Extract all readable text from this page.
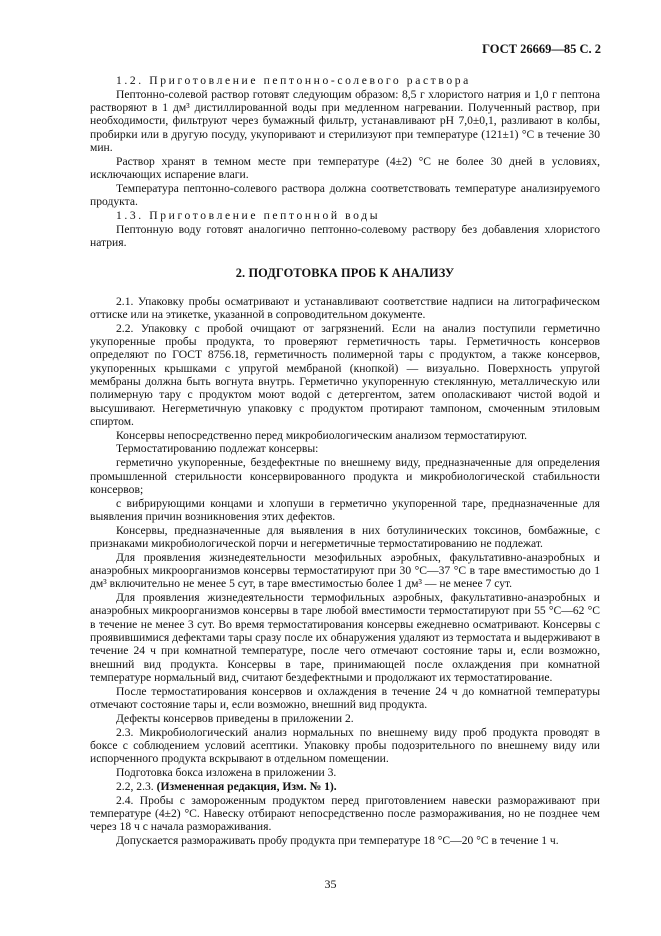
ГОСТ 26669—85 С. 2

1.2. Приготовление пептонно-солевого раствора

Пептонно-солевой раствор готовят следующим образом: 8,5 г хлористого натрия и 1,0 г пептона растворяют в 1 дм³ дистиллированной воды при медленном нагревании. Полученный раствор, при необходимости, фильтруют через бумажный фильтр, устанавливают pH 7,0±0,1, разливают в колбы, пробирки или в другую посуду, укупоривают и стерилизуют при температуре (121±1) °С в течение 30 мин.

Раствор хранят в темном месте при температуре (4±2) °С не более 30 дней в условиях, исключающих испарение влаги.

Температура пептонно-солевого раствора должна соответствовать температуре анализируемого продукта.

1.3. Приготовление пептонной воды

Пептонную воду готовят аналогично пептонно-солевому раствору без добавления хлористого натрия.

2. ПОДГОТОВКА ПРОБ К АНАЛИЗУ

2.1. Упаковку пробы осматривают и устанавливают соответствие надписи на литографическом оттиске или на этикетке, указанной в сопроводительном документе.

2.2. Упаковку с пробой очищают от загрязнений. Если на анализ поступили герметично укупоренные пробы продукта, то проверяют герметичность тары. Герметичность консервов определяют по ГОСТ 8756.18, герметичность полимерной тары с продуктом, а также консервов, укупоренных крышками с упругой мембраной (кнопкой) — визуально. Поверхность упругой мембраны должна быть вогнута внутрь. Герметично укупоренную стеклянную, металлическую или полимерную тару с продуктом моют водой с детергентом, затем ополаскивают чистой водой и высушивают. Негерметичную упаковку с продуктом протирают тампоном, смоченным этиловым спиртом.

Консервы непосредственно перед микробиологическим анализом термостатируют.

Термостатированию подлежат консервы:

герметично укупоренные, бездефектные по внешнему виду, предназначенные для определения промышленной стерильности консервированного продукта и микробиологической стабильности консервов;

с вибрирующими концами и хлопуши в герметично укупоренной таре, предназначенные для выявления причин возникновения этих дефектов.

Консервы, предназначенные для выявления в них ботулинических токсинов, бомбажные, с признаками микробиологической порчи и негерметичные термостатированию не подлежат.

Для проявления жизнедеятельности мезофильных аэробных, факультативно-анаэробных и анаэробных микроорганизмов консервы термостатируют при 30 °С—37 °С в таре вместимостью до 1 дм³ включительно не менее 5 сут, в таре вместимостью более 1 дм³ — не менее 7 сут.

Для проявления жизнедеятельности термофильных аэробных, факультативно-анаэробных и анаэробных микроорганизмов консервы в таре любой вместимости термостатируют при 55 °С—62 °С в течение не менее 3 сут. Во время термостатирования консервы ежедневно осматривают. Консервы с проявившимися дефектами тары сразу после их обнаружения удаляют из термостата и выдерживают в течение 24 ч при комнатной температуре, после чего отмечают состояние тары и, если возможно, внешний вид продукта. Консервы в таре, принимающей после охлаждения при комнатной температуре нормальный вид, считают бездефектными и продолжают их термостатирование.

После термостатирования консервов и охлаждения в течение 24 ч до комнатной температуры отмечают состояние тары и, если возможно, внешний вид продукта.

Дефекты консервов приведены в приложении 2.

2.3. Микробиологический анализ нормальных по внешнему виду проб продукта проводят в боксе с соблюдением условий асептики. Упаковку пробы подозрительного по внешнему виду или испорченного продукта вскрывают в отдельном помещении.

Подготовка бокса изложена в приложении 3.

2.2, 2.3. (Измененная редакция, Изм. № 1).

2.4. Пробы с замороженным продуктом перед приготовлением навески размораживают при температуре (4±2) °С. Навеску отбирают непосредственно после размораживания, но не позднее чем через 18 ч с начала размораживания.

Допускается размораживать пробу продукта при температуре 18 °С—20 °С в течение 1 ч.

35
